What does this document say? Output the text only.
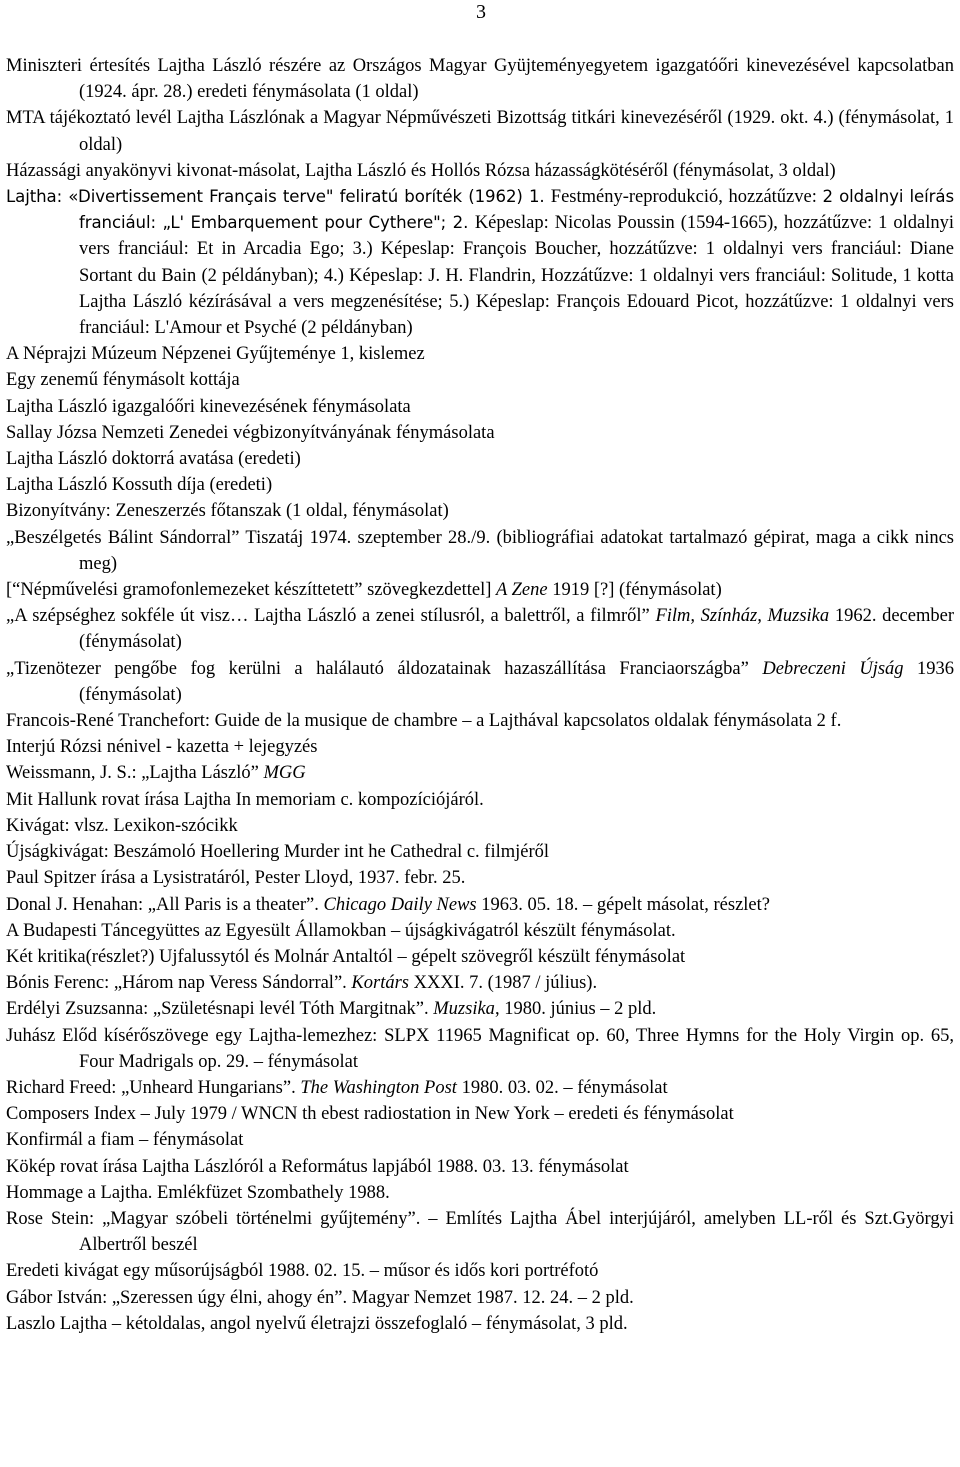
3

Miniszteri értesítés Lajtha László részére az Országos Magyar Gyüjteményegyetem igazgatóőri kinevezésével kapcsolatban (1924. ápr. 28.) eredeti fénymásolata (1 oldal)

MTA tájékoztató levél Lajtha Lászlónak a Magyar Népművészeti Bizottság titkári kinevezéséről (1929. okt. 4.) (fénymásolat, 1 oldal)

Házassági anyakönyvi kivonat-másolat, Lajtha László és Hollós Rózsa házasságkötéséről (fénymásolat, 3 oldal)

Lajtha: «Divertissement Français terve" feliratú boríték (1962) 1. Festmény-reprodukció, hozzátűzve: 2 oldalnyi leírás franciául: „L' Embarquement pour Cythere"; 2. Képeslap: Nicolas Poussin (1594-1665), hozzátűzve: 1 oldalnyi vers franciául: Et in Arcadia Ego; 3.) Képeslap: François Boucher, hozzátűzve: 1 oldalnyi vers franciául: Diane Sortant du Bain (2 példányban); 4.) Képeslap: J. H. Flandrin, Hozzátűzve: 1 oldalnyi vers franciául: Solitude, 1 kotta Lajtha László kézírásával a vers megzenésítése; 5.) Képeslap: François Edouard Picot, hozzátűzve: 1 oldalnyi vers franciául: L'Amour et Psyché (2 példányban)

A Néprajzi Múzeum Népzenei Gyűjteménye 1, kislemez

Egy zenemű fénymásolt kottája

Lajtha László igazgalóőri kinevezésének fénymásolata

Sallay Józsa Nemzeti Zenedei végbizonyítványának fénymásolata

Lajtha László doktorrá avatása (eredeti)

Lajtha László Kossuth díja (eredeti)

Bizonyítvány: Zeneszerzés főtanszak (1 oldal, fénymásolat)

„Beszélgetés Bálint Sándorral” Tiszatáj 1974. szeptember 28./9. (bibliográfiai adatokat tartalmazó gépirat, maga a cikk nincs meg)

[“Népművelési gramofonlemezeket készíttetett” szövegkezdettel] A Zene 1919 [?] (fénymásolat)

„A szépséghez sokféle út visz… Lajtha László a zenei stílusról, a balettről, a filmről” Film, Színház, Muzsika 1962. december (fénymásolat)

„Tizenötezer pengőbe fog kerülni a halálautó áldozatainak hazaszállítása Franciaországba” Debreczeni Újság 1936 (fénymásolat)

Francois-René Tranchefort: Guide de la musique de chambre – a Lajthával kapcsolatos oldalak fénymásolata 2 f.

Interjú Rózsi nénivel - kazetta + lejegyzés

Weissmann, J. S.: „Lajtha László” MGG

Mit Hallunk rovat írása Lajtha In memoriam c. kompozíciójáról.

Kivágat: vlsz. Lexikon-szócikk

Újságkivágat: Beszámoló Hoellering Murder int he Cathedral c. filmjéről

Paul Spitzer írása a Lysistratáról, Pester Lloyd, 1937. febr. 25.

Donal J. Henahan: „All Paris is a theater”. Chicago Daily News 1963. 05. 18. – gépelt másolat, részlet?

A Budapesti Táncegyüttes az Egyesült Államokban – újságkivágatról készült fénymásolat.

Két kritika(részlet?) Ujfalussytól és Molnár Antaltól – gépelt szövegről készült fénymásolat

Bónis Ferenc: „Három nap Veress Sándorral”. Kortárs XXXI. 7. (1987 / július).

Erdélyi Zsuzsanna: „Születésnapi levél Tóth Margitnak”. Muzsika, 1980. június – 2 pld.

Juhász Előd kísérőszövege egy Lajtha-lemezhez: SLPX 11965 Magnificat op. 60, Three Hymns for the Holy Virgin op. 65, Four Madrigals op. 29. – fénymásolat

Richard Freed: „Unheard Hungarians”. The Washington Post 1980. 03. 02. – fénymásolat

Composers Index – July 1979 / WNCN th ebest radiostation in New York – eredeti és fénymásolat

Konfirmál a fiam – fénymásolat

Kökép rovat írása Lajtha Lászlóról a Református lapjából 1988. 03. 13. fénymásolat

Hommage a Lajtha. Emlékfüzet Szombathely 1988.

Rose Stein: „Magyar szóbeli történelmi gyűjtemény”. – Említés Lajtha Ábel interjújáról, amelyben LL-ről és Szt.Györgyi Albertről beszél

Eredeti kivágat egy műsorújságból 1988. 02. 15. – műsor és idős kori portréfotó

Gábor István: „Szeressen úgy élni, ahogy én”. Magyar Nemzet 1987. 12. 24. – 2 pld.

Laszlo Lajtha – kétoldalas, angol nyelvű életrajzi összefoglaló – fénymásolat, 3 pld.
